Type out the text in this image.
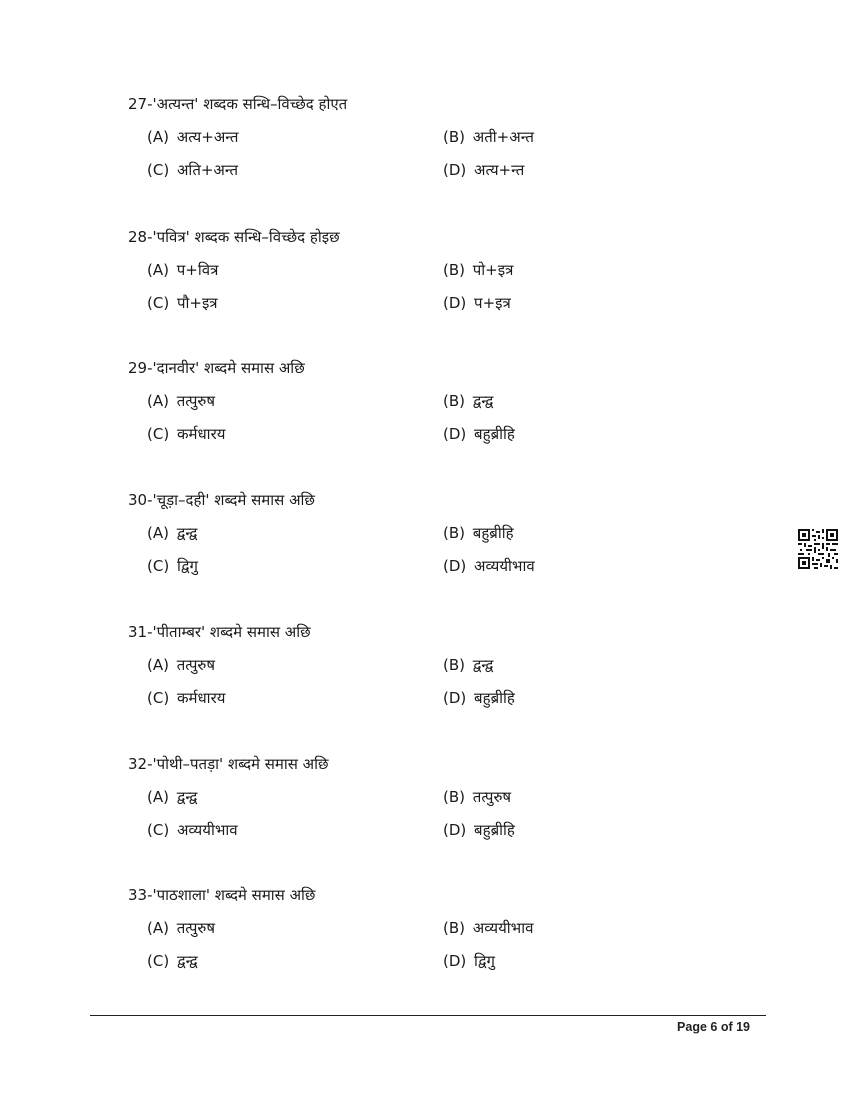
27-'अत्यन्त' शब्दक सन्धि–विच्छेद होएत
(A) अत्य+अन्त	(B) अती+अन्त
(C) अति+अन्त	(D) अत्य+न्त
28-'पवित्र' शब्दक सन्धि–विच्छेद होइछ
(A) प+वित्र	(B) पो+इत्र
(C) पौ+इत्र	(D) प+इत्र
29-'दानवीर' शब्दमे समास अछि
(A) तत्पुरुष	(B) द्वन्द्व
(C) कर्मधारय	(D) बहुब्रीहि
30-'चूड़ा–दही' शब्दमे समास अछि
(A) द्वन्द्व	(B) बहुब्रीहि
(C) द्विगु	(D) अव्ययीभाव
31-'पीताम्बर' शब्दमे समास अछि
(A) तत्पुरुष	(B) द्वन्द्व
(C) कर्मधारय	(D) बहुब्रीहि
32-'पोथी–पतड़ा' शब्दमे समास अछि
(A) द्वन्द्व	(B) तत्पुरुष
(C) अव्ययीभाव	(D) बहुब्रीहि
33-'पाठशाला' शब्दमे समास अछि
(A) तत्पुरुष	(B) अव्ययीभाव
(C) द्वन्द्व	(D) द्विगु
Page 6 of 19
